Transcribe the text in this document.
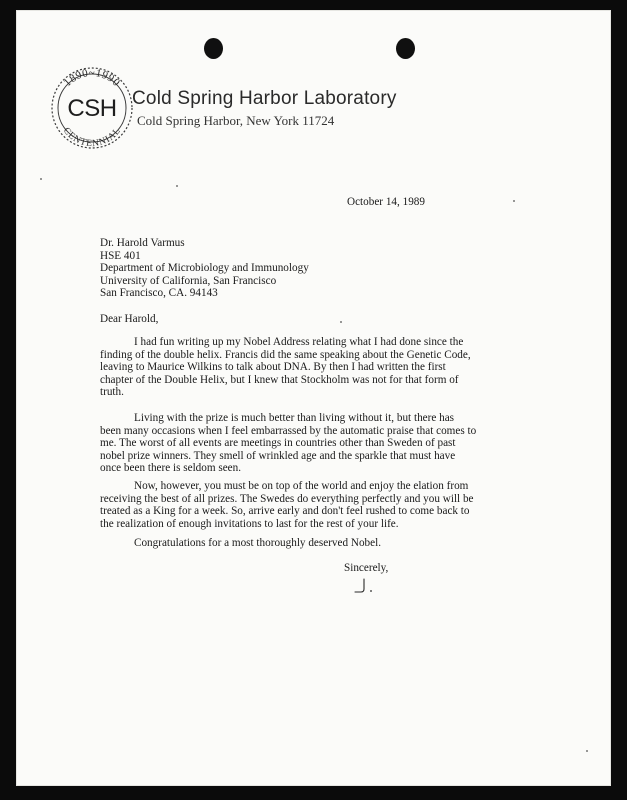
1890~1990
CSH
CENTENNIAL
Cold Spring Harbor Laboratory
Cold Spring Harbor, New York 11724
October 14, 1989
Dr. Harold Varmus
HSE 401
Department of Microbiology and Immunology
University of California, San Francisco
San Francisco, CA. 94143
Dear Harold,
I had fun writing up my Nobel Address relating what I had done since the
finding of the double helix. Francis did the same speaking about the Genetic Code,
leaving to Maurice Wilkins to talk about DNA. By then I had written the first
chapter of the Double Helix, but I knew that Stockholm was not for that form of
truth.
Living with the prize is much better than living without it, but there has
been many occasions when I feel embarrassed by the automatic praise that comes to
me. The worst of all events are meetings in countries other than Sweden of past
nobel prize winners. They smell of wrinkled age and the sparkle that must have
once been there is seldom seen.
Now, however, you must be on top of the world and enjoy the elation from
receiving the best of all prizes. The Swedes do everything perfectly and you will be
treated as a King for a week. So, arrive early and don't feel rushed to come back to
the realization of enough invitations to last for the rest of your life.
Congratulations for a most thoroughly deserved Nobel.
Sincerely,
